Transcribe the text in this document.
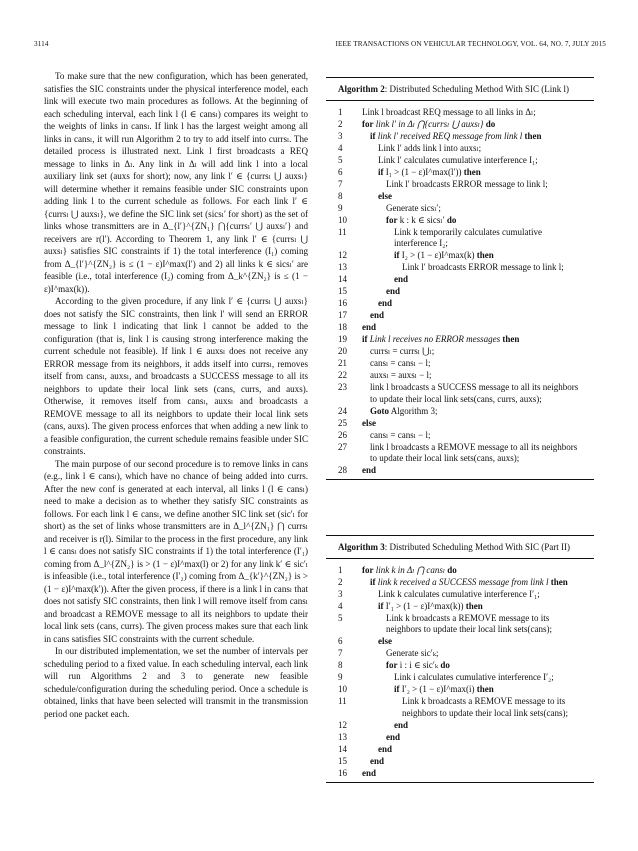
3114	IEEE TRANSACTIONS ON VEHICULAR TECHNOLOGY, VOL. 64, NO. 7, JULY 2015

To make sure that the new configuration, which has been generated, satisfies the SIC constraints under the physical interference model, each link will execute two main procedures as follows. At the beginning of each scheduling interval, each link l (l ∈ cansₗ) compares its weight to the weights of links in cansₗ. If link l has the largest weight among all links in cansₗ, it will run Algorithm 2 to try to add itself into currsₗ. The detailed process is illustrated next. Link l first broadcasts a REQ message to links in Δₗ. Any link in Δₗ will add link l into a local auxiliary link set (auxs for short); now, any link l′ ∈ {currsₗ ⋃ auxsₗ} will determine whether it remains feasible under SIC constraints upon adding link l to the current schedule as follows. For each link l′ ∈ {currsₗ ⋃ auxsₗ}, we define the SIC link set (sicsₗ′ for short) as the set of links whose transmitters are in Δ_{l′}^{ZN₁} ⋂{currsₗ′ ⋃ auxsₗ′} and receivers are r(l′). According to Theorem 1, any link l′ ∈ {currsₗ ⋃ auxsₗ} satisfies SIC constraints if 1) the total interference (I₁) coming from Δ_{l′}^{ZN₂} is ≤ (1 − ε)I^max(l′) and 2) all links k ∈ sicsₗ′ are feasible (i.e., total interference (I₂) coming from Δ_k^{ZN₂} is ≤ (1 − ε)I^max(k)).

According to the given procedure, if any link l′ ∈ {currsₗ ⋃ auxsₗ} does not satisfy the SIC constraints, then link l′ will send an ERROR message to link l indicating that link l cannot be added to the configuration (that is, link l is causing strong interference making the current schedule not feasible). If link l ∈ auxsₗ does not receive any ERROR message from its neighbors, it adds itself into currsₗ, removes itself from cansₗ, auxsₗ, and broadcasts a SUCCESS message to all its neighbors to update their local link sets (cans, currs, and auxs). Otherwise, it removes itself from cansₗ, auxsₗ and broadcasts a REMOVE message to all its neighbors to update their local link sets (cans, auxs). The given process enforces that when adding a new link to a feasible configuration, the current schedule remains feasible under SIC constraints.

The main purpose of our second procedure is to remove links in cans (e.g., link l ∈ cansₗ), which have no chance of being added into currs. After the new conf is generated at each interval, all links l (l ∈ cansₗ) need to make a decision as to whether they satisfy SIC constraints as follows. For each link l ∈ cansₗ, we define another SIC link set (sic′ₗ for short) as the set of links whose transmitters are in Δ_l^{ZN₁} ⋂ currsₗ and receiver is r(l). Similar to the process in the first procedure, any link l ∈ cansₗ does not satisfy SIC constraints if 1) the total interference (I′₁) coming from Δ_l^{ZN₂} is > (1 − ε)I^max(l) or 2) for any link k′ ∈ sic′ₗ is infeasible (i.e., total interference (I′₂) coming from Δ_{k′}^{ZN₂} is > (1 − ε)I^max(k′)). After the given process, if there is a link l in cansₗ that does not satisfy SIC constraints, then link l will remove itself from cansₗ and broadcast a REMOVE message to all its neighbors to update their local link sets (cans, currs). The given process makes sure that each link in cans satisfies SIC constraints with the current schedule.

In our distributed implementation, we set the number of intervals per scheduling period to a fixed value. In each scheduling interval, each link will run Algorithms 2 and 3 to generate new feasible schedule/configuration during the scheduling period. Once a schedule is obtained, links that have been selected will transmit in the transmission period one packet each.

Algorithm 2: Distributed Scheduling Method With SIC (Link l)
1	Link l broadcast REQ message to all links in Δₗ;
2	for link l′ in Δₗ ⋂{currsₗ ⋃ auxsₗ} do
3	if link l′ received REQ message from link l then
4	Link l′ adds link l into auxsₗ;
5	Link l′ calculates cumulative interference I₁;
6	if I₁ > (1 − ε)I^max(l′)) then
7	Link l′ broadcasts ERROR message to link l;
8	else
9	Generate sicsₗ′;
10	for k : k ∈ sicsₗ′ do
11	Link k temporarily calculates cumulative interference I₂;
12	if I₂ > (1 − ε)I^max(k) then
13	Link l′ broadcasts ERROR message to link l;
14	end
15	end
16	end
17	end
18	end
19	if Link l receives no ERROR messages then
20	currsₗ = currsₗ ⋃ₗ;
21	cansₗ = cansₗ − l;
22	auxsₗ = auxsₗ − l;
23	link l broadcasts a SUCCESS message to all its neighbors to update their local link sets(cans, currs, auxs);
24	Goto Algorithm 3;
25	else
26	cansₗ = cansₗ − l;
27	link l broadcasts a REMOVE message to all its neighbors to update their local link sets(cans, auxs);
28	end
Algorithm 3: Distributed Scheduling Method With SIC (Part II)
1	for link k in Δₗ ⋂ cansₗ do
2	if link k received a SUCCESS message from link l then
3	Link k calculates cumulative interference I′₁;
4	if I′₁ > (1 − ε)I^max(k)) then
5	Link k broadcasts a REMOVE message to its neighbors to update their local link sets(cans);
6	else
7	Generate sic′ₖ;
8	for i : i ∈ sic′ₖ do
9	Link i calculates cumulative interference I′₂;
10	if I′₂ > (1 − ε)I^max(i) then
11	Link k broadcasts a REMOVE message to its neighbors to update their local link sets(cans);
12	end
13	end
14	end
15	end
16	end
